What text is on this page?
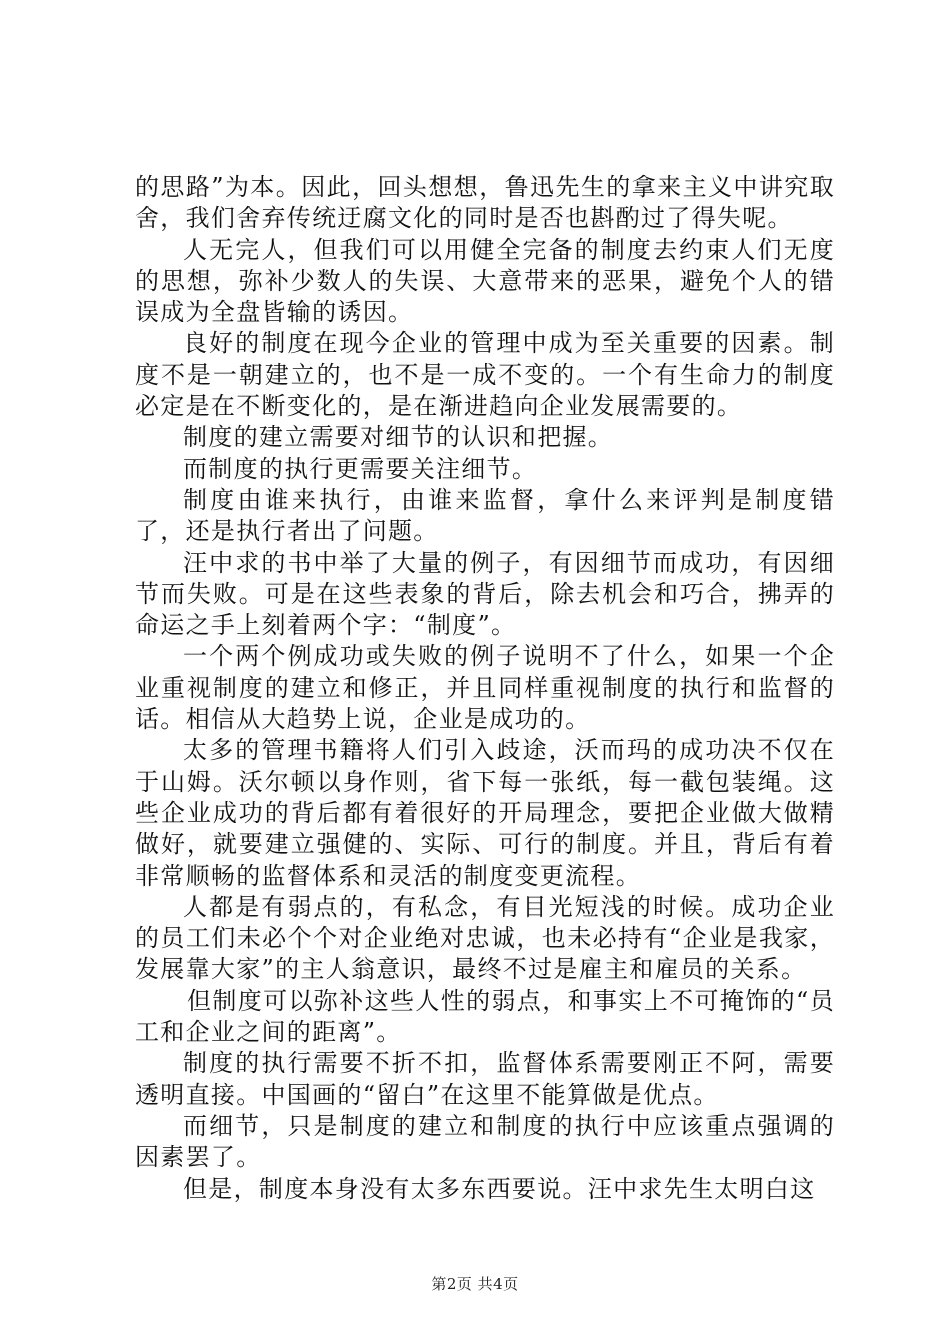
的思路”为本。因此，回头想想，鲁迅先生的拿来主义中讲究取舍，我们舍弃传统迂腐文化的同时是否也斟酌过了得失呢。

人无完人，但我们可以用健全完备的制度去约束人们无度的思想，弥补少数人的失误、大意带来的恶果，避免个人的错误成为全盘皆输的诱因。

良好的制度在现今企业的管理中成为至关重要的因素。制度不是一朝建立的，也不是一成不变的。一个有生命力的制度必定是在不断变化的，是在渐进趋向企业发展需要的。

制度的建立需要对细节的认识和把握。

而制度的执行更需要关注细节。

制度由谁来执行，由谁来监督，拿什么来评判是制度错了，还是执行者出了问题。

汪中求的书中举了大量的例子，有因细节而成功，有因细节而失败。可是在这些表象的背后，除去机会和巧合，拂弄的命运之手上刻着两个字：“制度”。

一个两个例成功或失败的例子说明不了什么，如果一个企业重视制度的建立和修正，并且同样重视制度的执行和监督的话。相信从大趋势上说，企业是成功的。

太多的管理书籍将人们引入歧途，沃而玛的成功决不仅在于山姆。沃尔顿以身作则，省下每一张纸，每一截包装绳。这些企业成功的背后都有着很好的开局理念，要把企业做大做精做好，就要建立强健的、实际、可行的制度。并且，背后有着非常顺畅的监督体系和灵活的制度变更流程。

人都是有弱点的，有私念，有目光短浅的时候。成功企业的员工们未必个个对企业绝对忠诚，也未必持有“企业是我家，发展靠大家”的主人翁意识，最终不过是雇主和雇员的关系。

但制度可以弥补这些人性的弱点，和事实上不可掩饰的“员工和企业之间的距离”。

制度的执行需要不折不扣，监督体系需要刚正不阿，需要透明直接。中国画的“留白”在这里不能算做是优点。

而细节，只是制度的建立和制度的执行中应该重点强调的因素罢了。

但是，制度本身没有太多东西要说。汪中求先生太明白这

第2页 共4页
